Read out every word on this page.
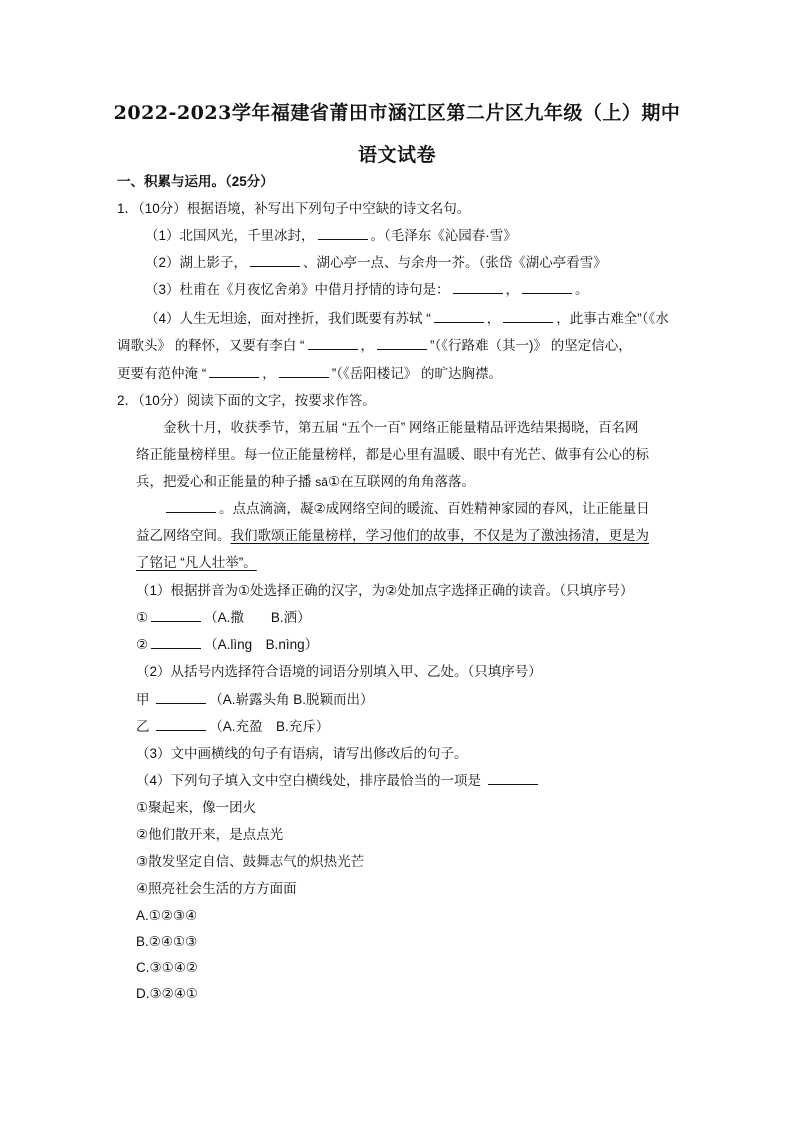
2022-2023学年福建省莆田市涵江区第二片区九年级（上）期中
语文试卷
一、积累与运用。（25分）
1．（10分）根据语境，补写出下列句子中空缺的诗文名句。
（1）北国风光，千里冰封，	。（毛泽东《沁园春·雪》
（2）湖上影子，	、湖心亭一点、与余舟一芥。（张岱《湖心亭看雪》
（3）杜甫在《月夜忆舍弟》中借月抒情的诗句是：	，	。
（4）人生无坦途，面对挫折，我们既要有苏轼 “	，	，此事古难全”（《水
调歌头》 的释怀，又要有李白 “	，	”（《行路难（其一)》 的坚定信心，
更要有范仲淹 “	，	”（《岳阳楼记》 的旷达胸襟。
2．（10分）阅读下面的文字，按要求作答。
金秋十月，收获季节，第五届 “五个一百” 网络正能量精品评选结果揭晓，百名网
络正能量榜样里。每一位正能量榜样，都是心里有温暖、眼中有光芒、做事有公心的标
兵，把爱心和正能量的种子播 sǎ①在互联网的角角落落。
。点点滴滴，凝②成网络空间的暖流、百姓精神家园的春风，让正能量日
益乙网络空间。我们歌颂正能量榜样，学习他们的故事，不仅是为了激浊扬清，更是为
了铭记 “凡人壮举”。
（1）根据拼音为①处选择正确的汉字，为②处加点字选择正确的读音。（只填序号）
①	（A.撒　　B.洒）
②	（A.lìng　B.nìng）
（2）从括号内选择符合语境的词语分别填入甲、乙处。（只填序号）
甲	（A.崭露头角 B.脱颖而出）
乙	（A.充盈　B.充斥）
（3）文中画横线的句子有语病，请写出修改后的句子。
（4）下列句子填入文中空白横线处，排序最恰当的一项是
①聚起来，像一团火
②他们散开来，是点点光
③散发坚定自信、鼓舞志气的炽热光芒
④照亮社会生活的方方面面
A.①②③④
B.②④①③
C.③①④②
D.③②④①
